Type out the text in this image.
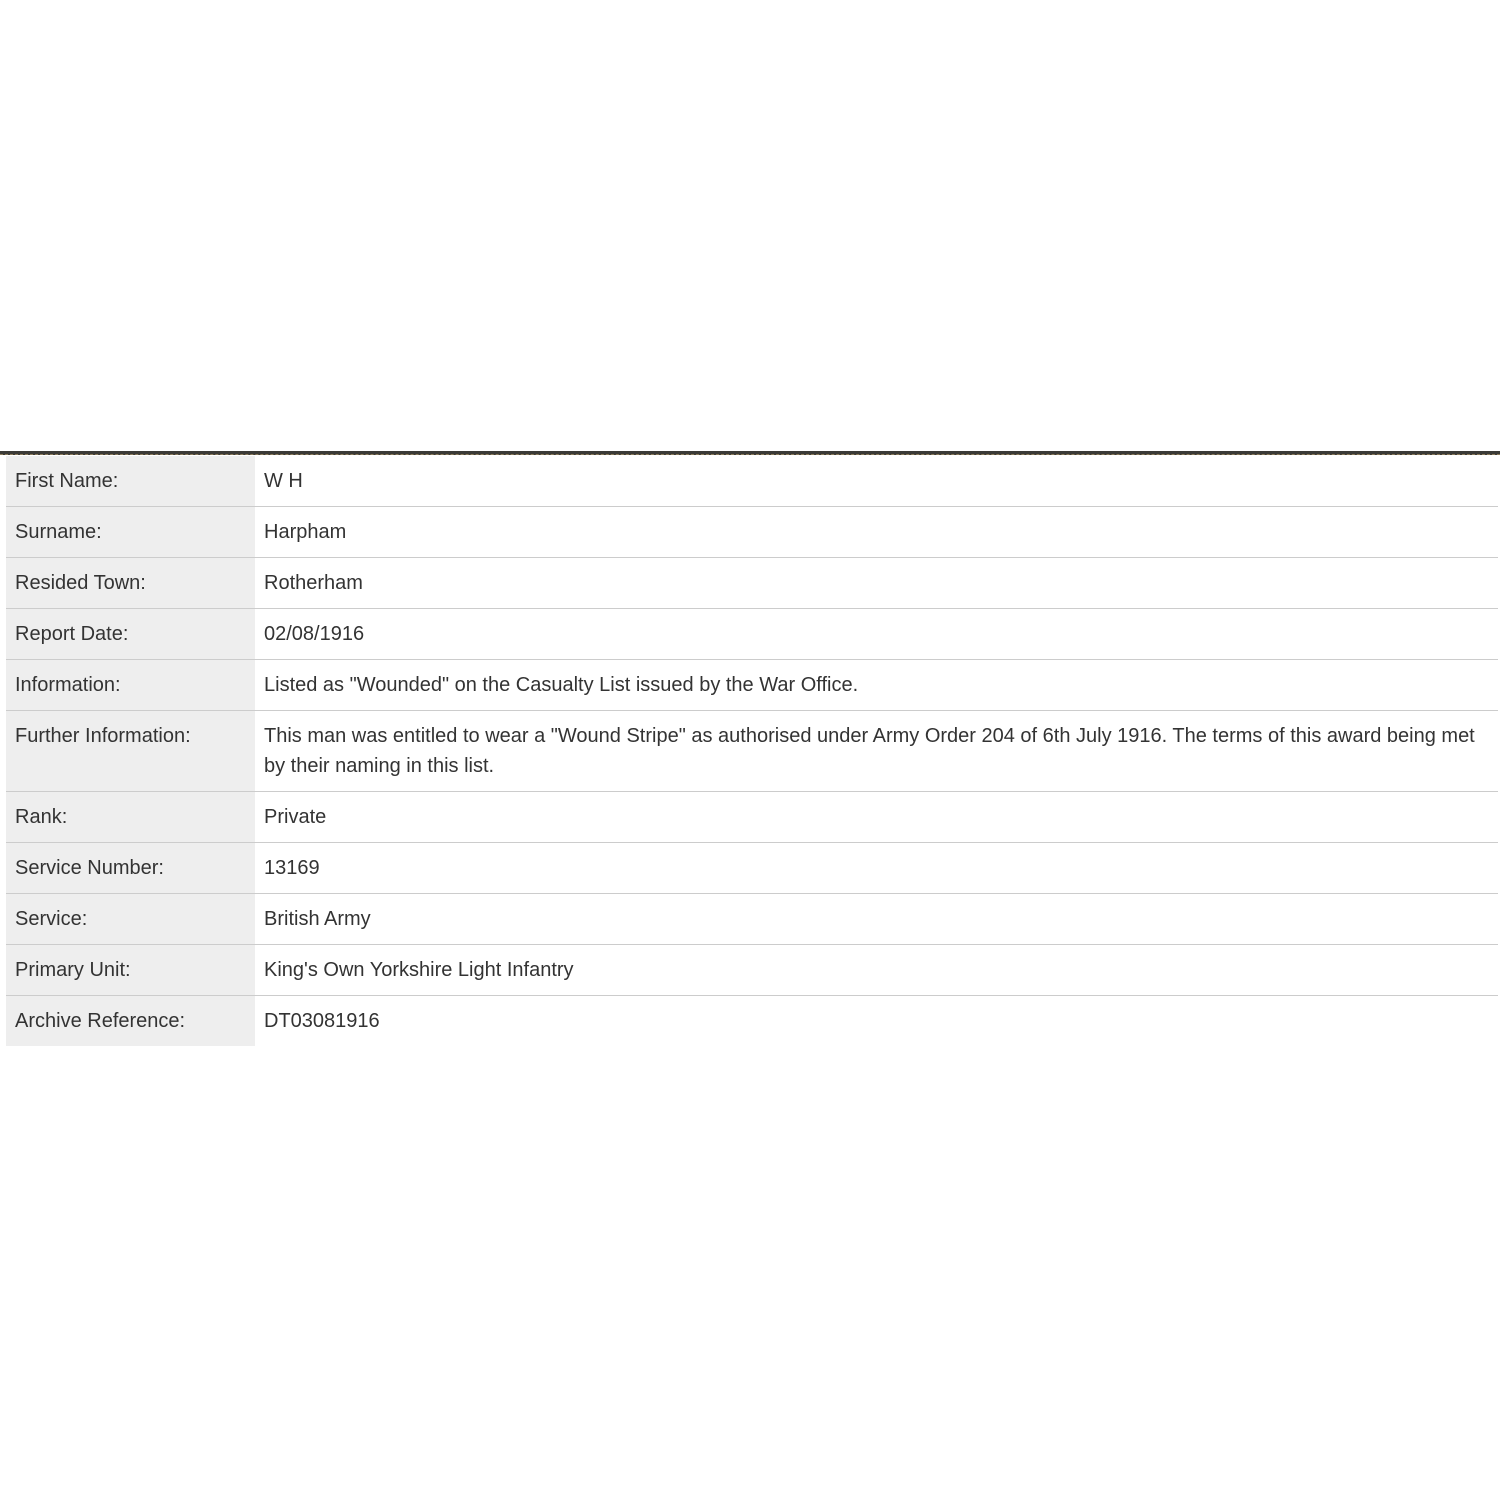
First Name:	W H
Surname:	Harpham
Resided Town:	Rotherham
Report Date:	02/08/1916
Information:	Listed as "Wounded" on the Casualty List issued by the War Office.
Further Information:	This man was entitled to wear a "Wound Stripe" as authorised under Army Order 204 of 6th July 1916. The terms of this award being met by their naming in this list.
Rank:	Private
Service Number:	13169
Service:	British Army
Primary Unit:	King's Own Yorkshire Light Infantry
Archive Reference:	DT03081916
